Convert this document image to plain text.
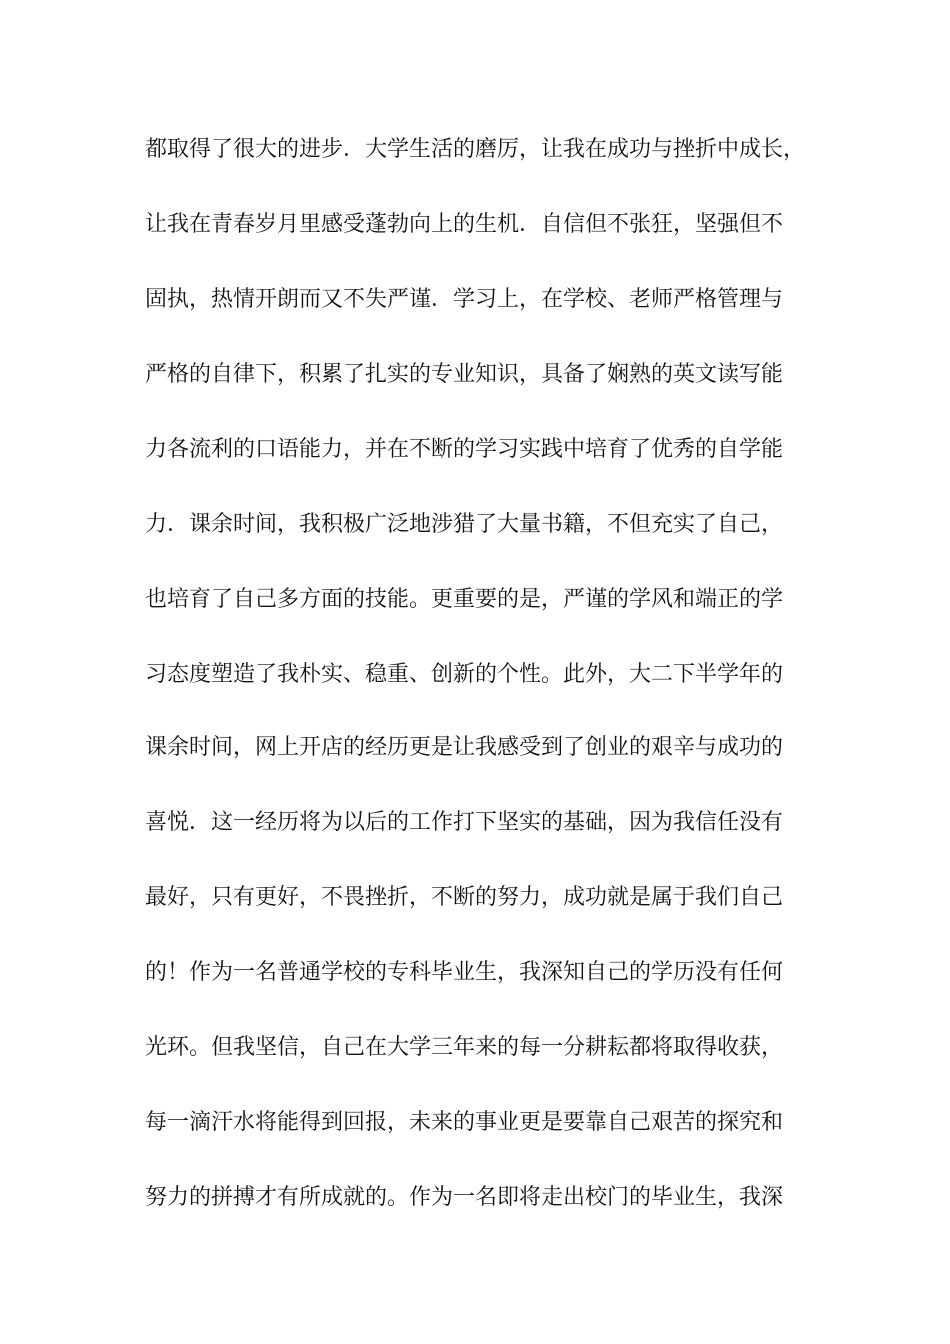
都取得了很大的进步．大学生活的磨厉，让我在成功与挫折中成长，
让我在青春岁月里感受蓬勃向上的生机．自信但不张狂，坚强但不
固执，热情开朗而又不失严谨．学习上，在学校、老师严格管理与
严格的自律下，积累了扎实的专业知识，具备了娴熟的英文读写能
力各流利的口语能力，并在不断的学习实践中培育了优秀的自学能
力．课余时间，我积极广泛地涉猎了大量书籍，不但充实了自己，
也培育了自己多方面的技能。更重要的是，严谨的学风和端正的学
习态度塑造了我朴实、稳重、创新的个性。此外，大二下半学年的
课余时间，网上开店的经历更是让我感受到了创业的艰辛与成功的
喜悦．这一经历将为以后的工作打下坚实的基础，因为我信任没有
最好，只有更好，不畏挫折，不断的努力，成功就是属于我们自己
的！作为一名普通学校的专科毕业生，我深知自己的学历没有任何
光环。但我坚信，自己在大学三年来的每一分耕耘都将取得收获，
每一滴汗水将能得到回报，未来的事业更是要靠自己艰苦的探究和
努力的拼搏才有所成就的。作为一名即将走出校门的毕业生，我深
